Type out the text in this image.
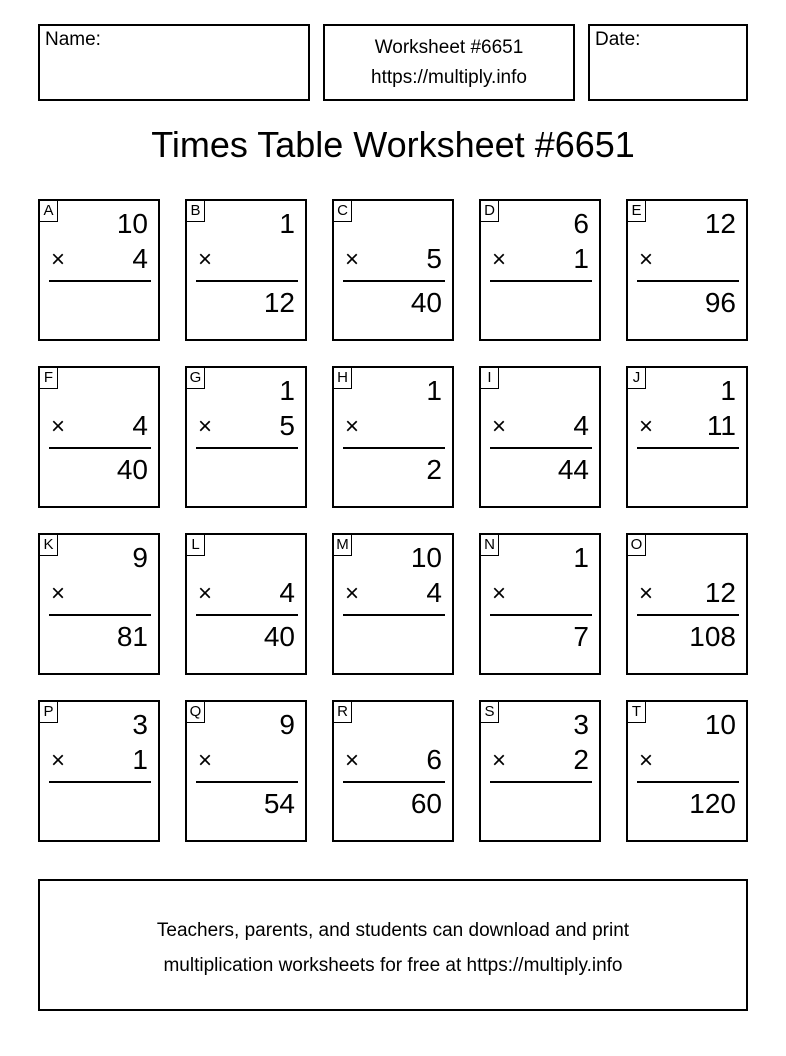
Name:	Worksheet #6651
https://multiply.info
Date:
Times Table Worksheet #6651
A 10
× 4
B	1
×
12
C
× 5
40
D	6
× 1
E 12
×
96
F
× 4
40
G	1
× 5
H	1
×
2
I
× 4
44
J	1
× 11
K	9
×
81
L
× 4
40
M 10
× 4
N	1
×
7
O
× 12
108
P	3
× 1
Q	9
×
54
R
× 6
60
S	3
× 2
T 10
×
120
Teachers, parents, and students can download and print
multiplication worksheets for free at https://multiply.info
